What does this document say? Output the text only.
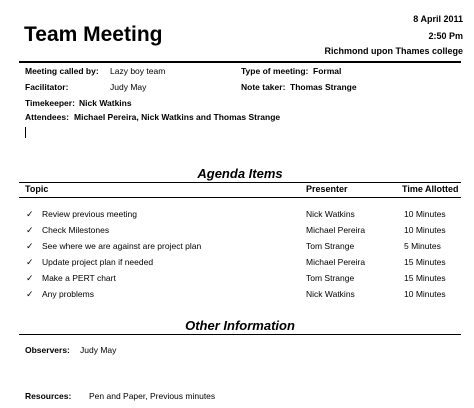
Team Meeting
8 April 2011
2:50 Pm
Richmond upon Thames college
Meeting called by: Lazy boy team	Type of meeting: Formal
Facilitator:	Judy May	Note taker: Thomas Strange
Timekeeper: Nick Watkins
Attendees: Michael Pereira, Nick Watkins and Thomas Strange
Agenda Items
Topic	Presenter	Time Allotted
✓ Review previous meeting	Nick Watkins	10 Minutes
✓ Check Milestones	Michael Pereira	10 Minutes
✓ See where we are against are project plan	Tom Strange	5 Minutes
✓ Update project plan if needed	Michael Pereira	15 Minutes
✓ Make a PERT chart	Tom Strange	15 Minutes
✓ Any problems	Nick Watkins	10 Minutes
Other Information
Observers: Judy May
Resources: Pen and Paper, Previous minutes
